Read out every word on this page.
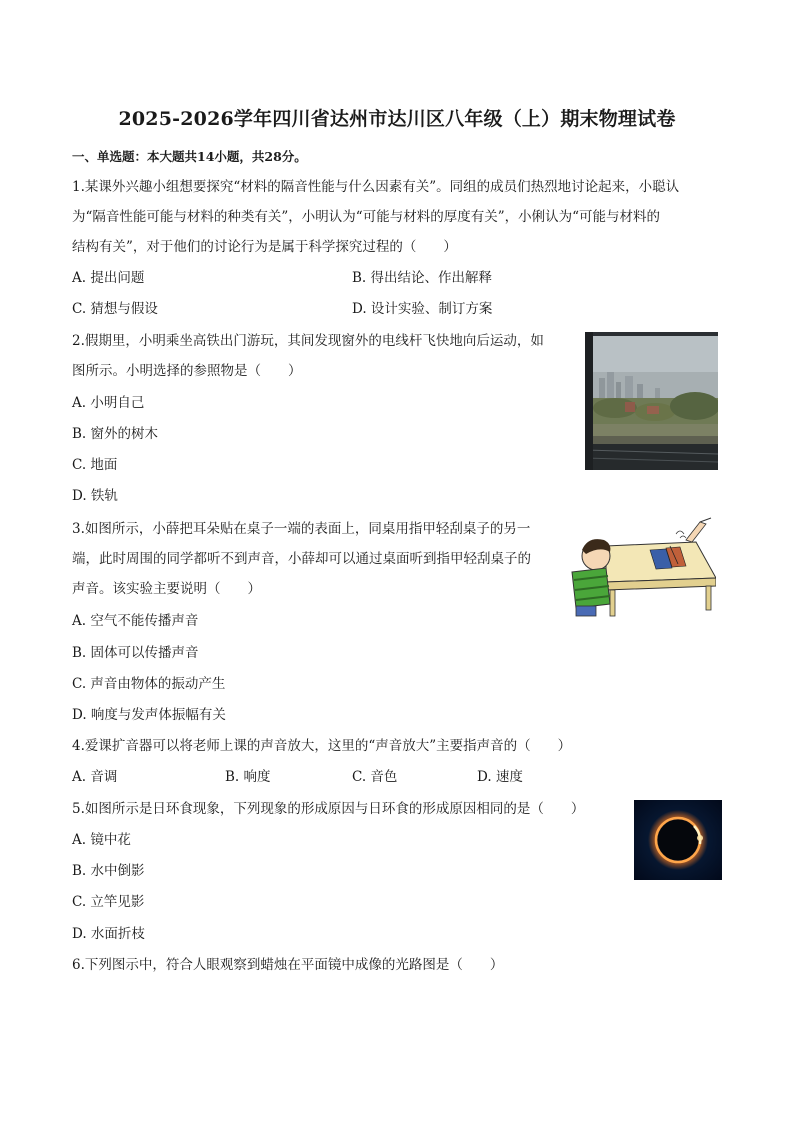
2025-2026学年四川省达州市达川区八年级（上）期末物理试卷
一、单选题：本大题共14小题，共28分。
1.某课外兴趣小组想要探究“材料的隔音性能与什么因素有关”。同组的成员们热烈地讨论起来，小聪认
为“隔音性能可能与材料的种类有关”，小明认为“可能与材料的厚度有关”，小俐认为“可能与材料的
结构有关”，对于他们的讨论行为是属于科学探究过程的（　　）
A. 提出问题	B. 得出结论、作出解释
C. 猜想与假设	D. 设计实验、制订方案
2.假期里，小明乘坐高铁出门游玩，其间发现窗外的电线杆飞快地向后运动，如
图所示。小明选择的参照物是（　　）
A. 小明自己
B. 窗外的树木
C. 地面
D. 铁轨
3.如图所示，小薛把耳朵贴在桌子一端的表面上，同桌用指甲轻刮桌子的另一
端，此时周围的同学都听不到声音，小薛却可以通过桌面听到指甲轻刮桌子的
声音。该实验主要说明（　　）
A. 空气不能传播声音
B. 固体可以传播声音
C. 声音由物体的振动产生
D. 响度与发声体振幅有关
4.爱课扩音器可以将老师上课的声音放大，这里的“声音放大”主要指声音的（　　）
A. 音调	B. 响度	C. 音色	D. 速度
5.如图所示是日环食现象，下列现象的形成原因与日环食的形成原因相同的是（　　）
A. 镜中花
B. 水中倒影
C. 立竿见影
D. 水面折枝
6.下列图示中，符合人眼观察到蜡烛在平面镜中成像的光路图是（　　）
